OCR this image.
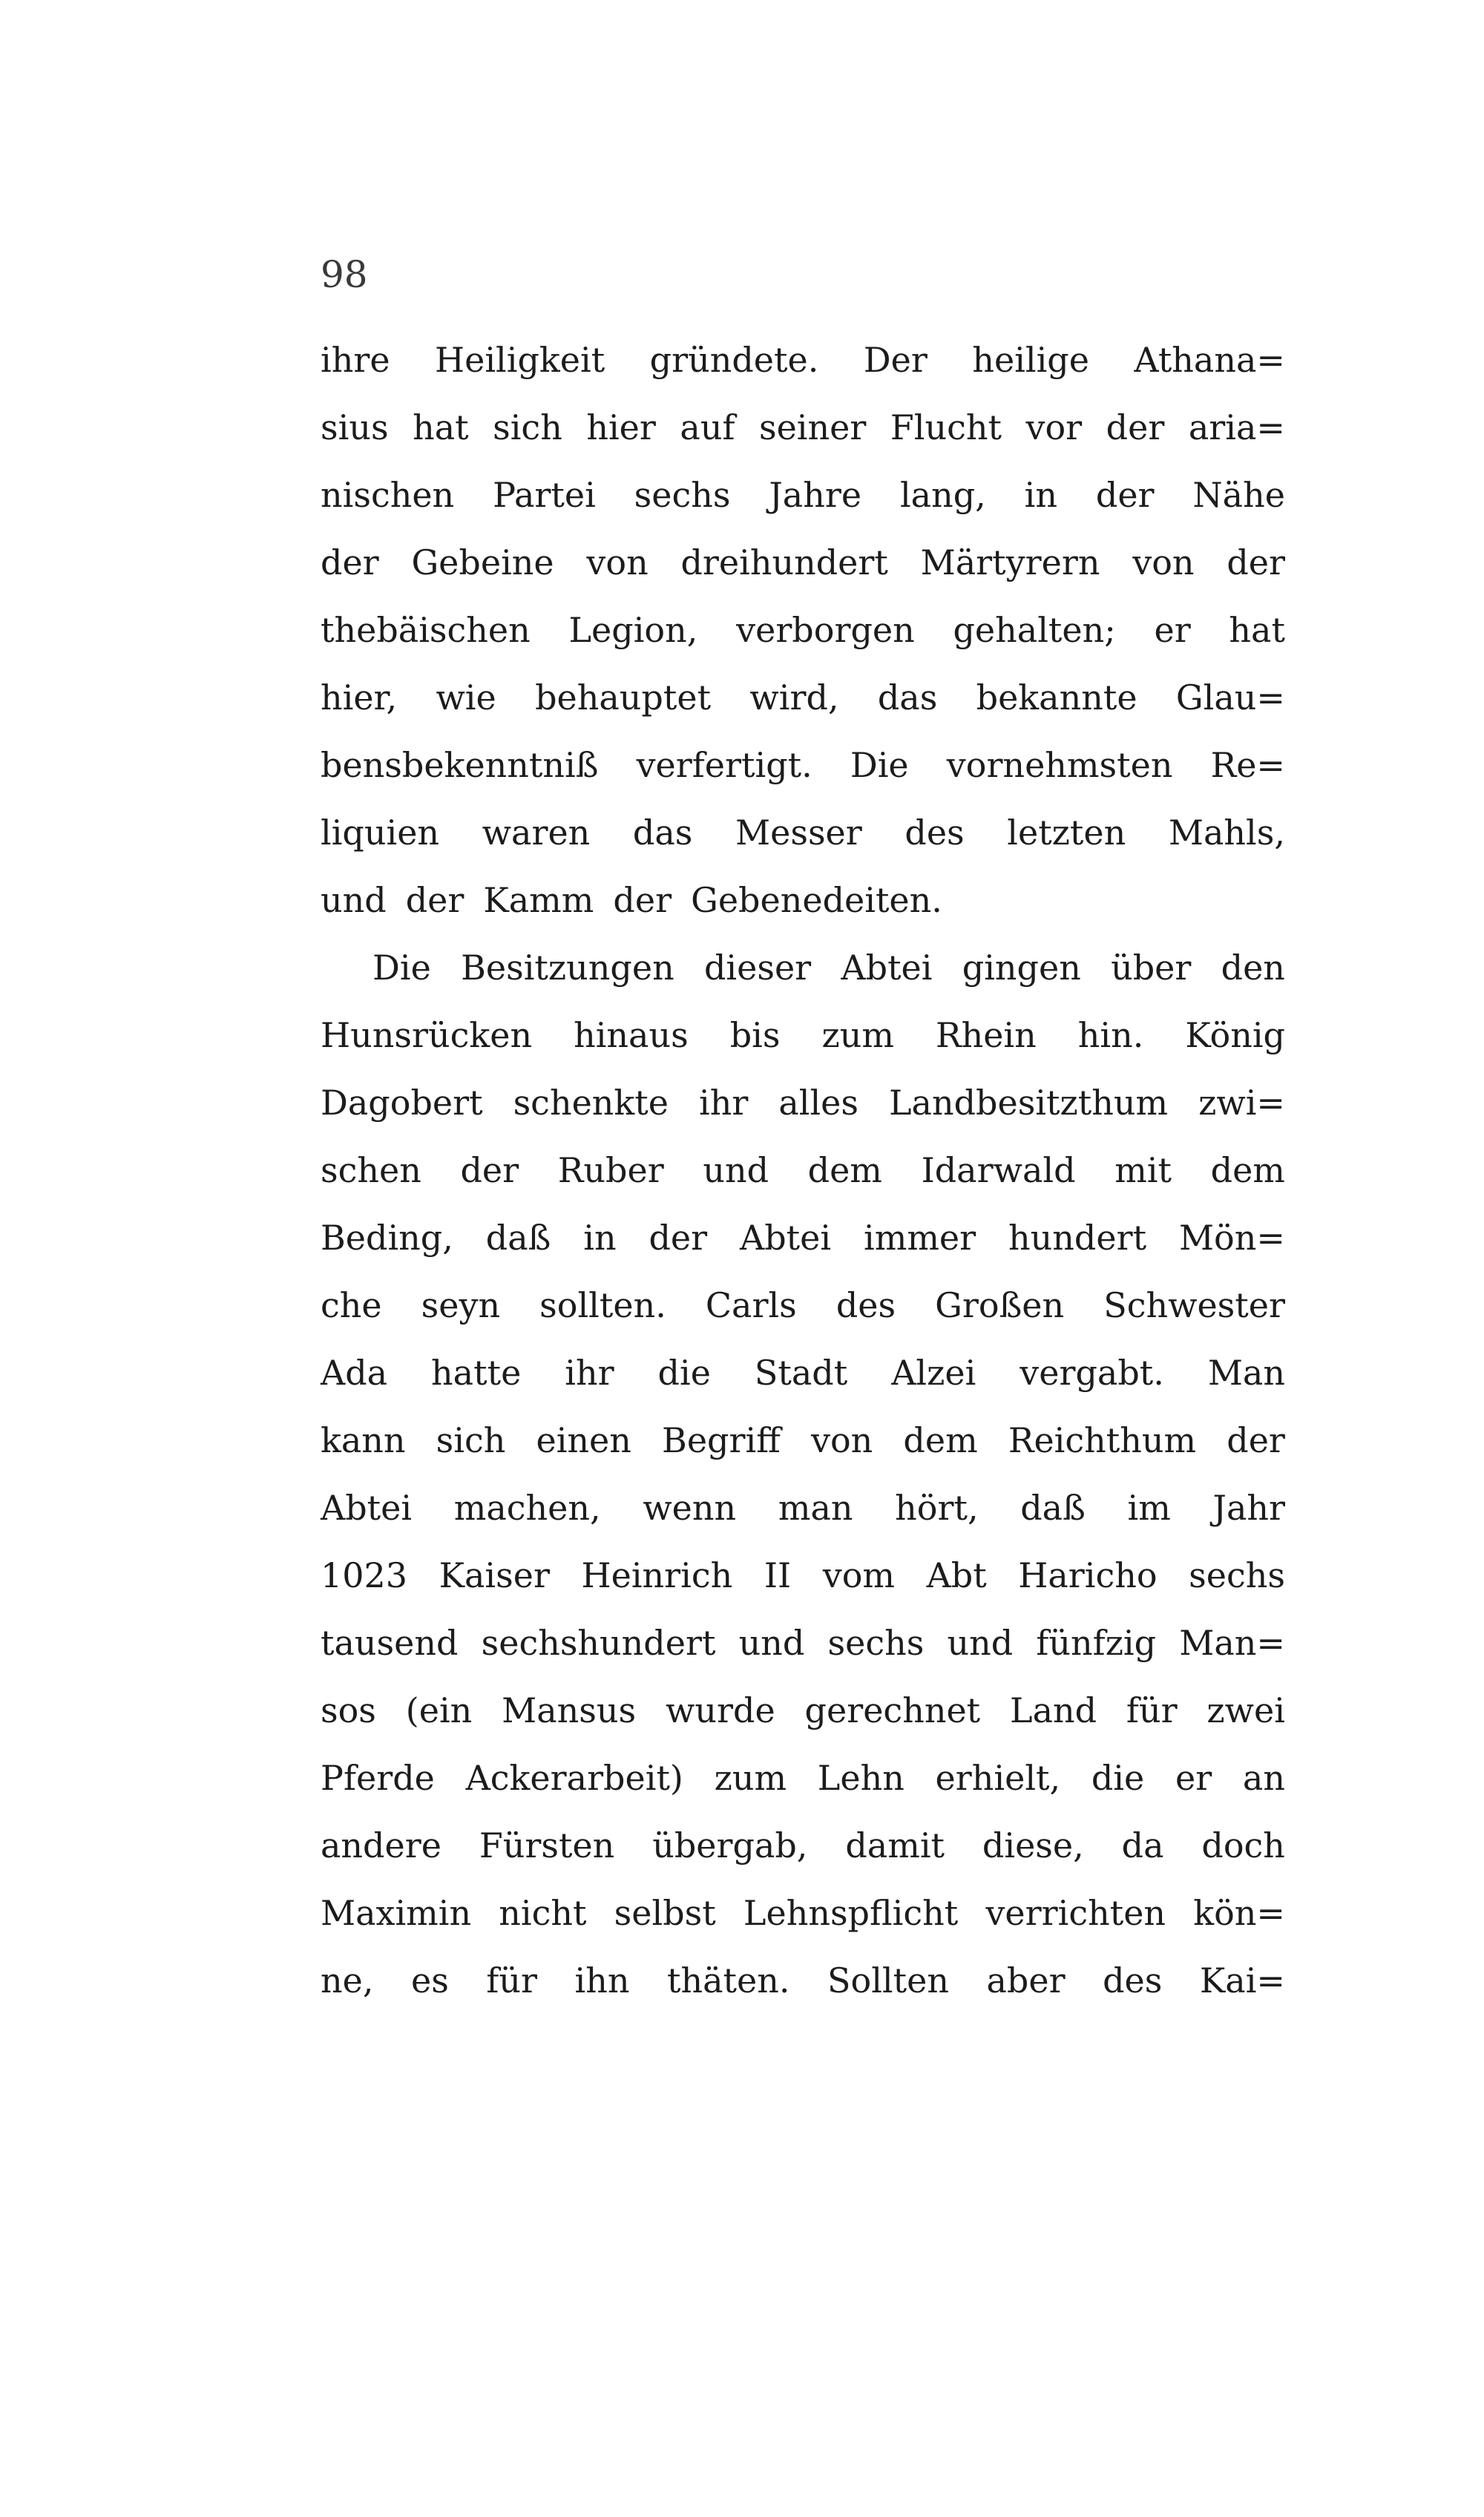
98
ihre Heiligkeit gründete. Der heilige Athana=
sius hat sich hier auf seiner Flucht vor der aria=
nischen Partei sechs Jahre lang, in der Nähe
der Gebeine von dreihundert Märtyrern von der
thebäischen Legion, verborgen gehalten; er hat
hier, wie behauptet wird, das bekannte Glau=
bensbekenntniß verfertigt. Die vornehmsten Re=
liquien waren das Messer des letzten Mahls,
und der Kamm der Gebenedeiten.
Die Besitzungen dieser Abtei gingen über den
Hunsrücken hinaus bis zum Rhein hin. König
Dagobert schenkte ihr alles Landbesitzthum zwi=
schen der Ruber und dem Idarwald mit dem
Beding, daß in der Abtei immer hundert Mön=
che seyn sollten. Carls des Großen Schwester
Ada hatte ihr die Stadt Alzei vergabt. Man
kann sich einen Begriff von dem Reichthum der
Abtei machen, wenn man hört, daß im Jahr
1023 Kaiser Heinrich II vom Abt Haricho sechs
tausend sechshundert und sechs und fünfzig Man=
sos (ein Mansus wurde gerechnet Land für zwei
Pferde Ackerarbeit) zum Lehn erhielt, die er an
andere Fürsten übergab, damit diese, da doch
Maximin nicht selbst Lehnspflicht verrichten kön=
ne, es für ihn thäten. Sollten aber des Kai=
